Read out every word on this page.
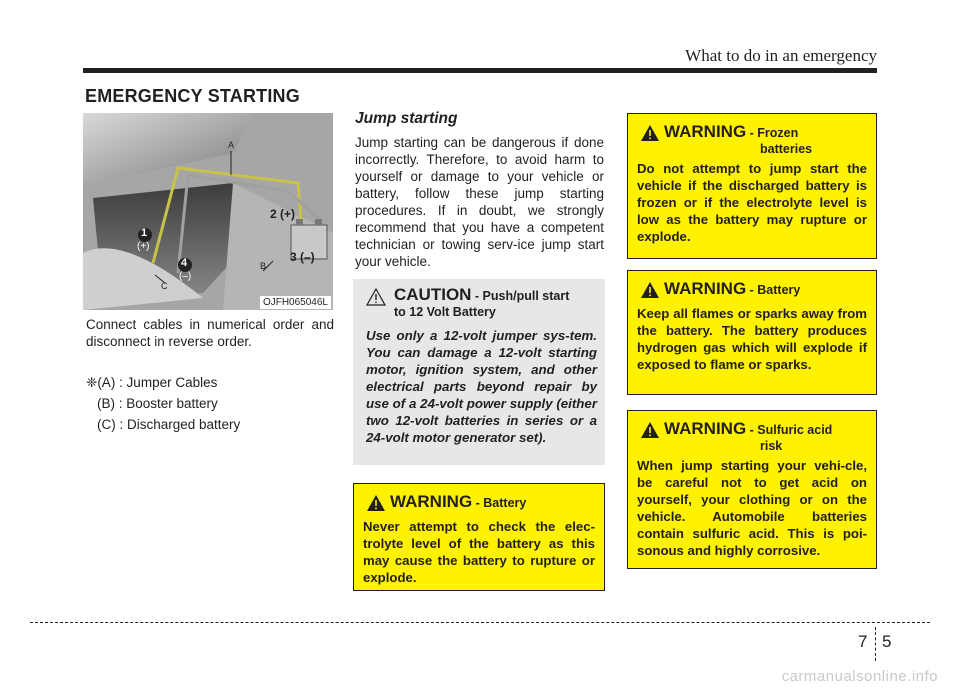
What to do in an emergency
EMERGENCY STARTING
A
B
C
2 (+)
3 (–)
1
(+)
4
(–)
OJFH065046L
Connect cables in numerical order and disconnect in reverse order.
❈(A) : Jumper Cables
(B) : Booster battery
(C) : Discharged battery
Jump starting
Jump starting can be dangerous if done incorrectly. Therefore, to avoid harm to yourself or damage to your vehicle or battery, follow these jump starting procedures. If in doubt, we strongly recommend that you have a competent technician or towing serv-ice jump start your vehicle.
CAUTION - Push/pull start
to 12 Volt Battery
Use only a 12-volt jumper sys-tem. You can damage a 12-volt starting motor, ignition system, and other electrical parts beyond repair by use of a 24-volt power supply (either two 12-volt batteries in series or a 24-volt motor generator set).
WARNING - Frozen
batteries
Do not attempt to jump start the vehicle if the discharged battery is frozen or if the electrolyte level is low as the battery may rupture or explode.
WARNING - Battery
Keep all flames or sparks away from the battery. The battery produces hydrogen gas which will explode if exposed to flame or sparks.
WARNING - Sulfuric acid
risk
When jump starting your vehi-cle, be careful not to get acid on yourself, your clothing or on the vehicle. Automobile batteries contain sulfuric acid. This is poi-sonous and highly corrosive.
WARNING - Battery
Never attempt to check the elec-trolyte level of the battery as this may cause the battery to rupture or explode.
7 5
carmanualsonline.info
